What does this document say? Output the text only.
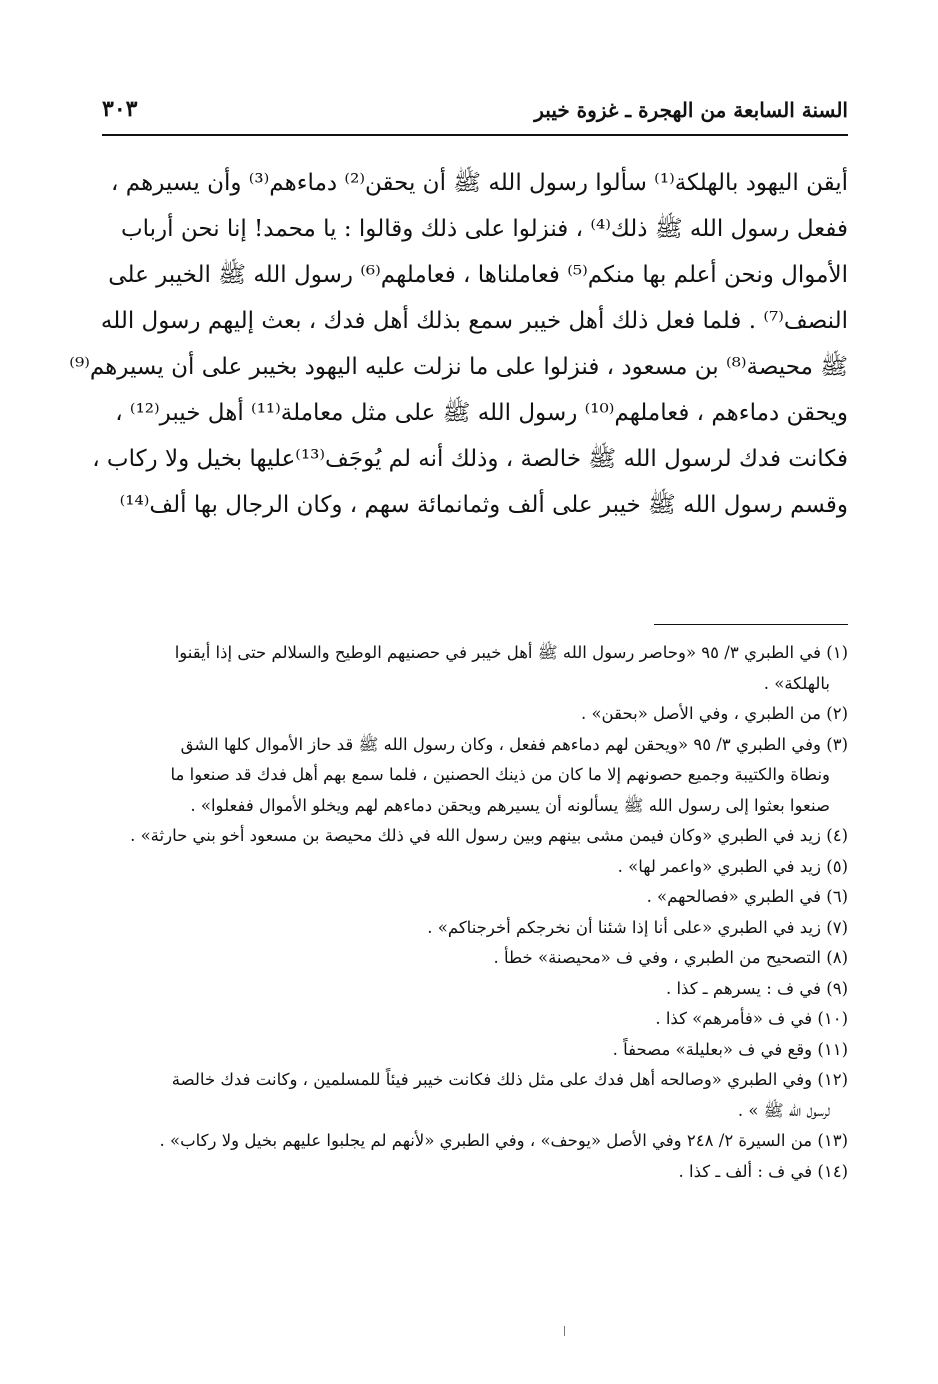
السنة السابعة من الهجرة ـ غزوة خيبر
٣٠٣
أيقن اليهود بالهلكة⁽¹⁾ سألوا رسول الله ﷺ أن يحقن⁽²⁾ دماءهم⁽³⁾ وأن يسيرهم ،
ففعل رسول الله ﷺ ذلك⁽⁴⁾ ، فنزلوا على ذلك وقالوا : يا محمد! إنا نحن أرباب
الأموال ونحن أعلم بها منكم⁽⁵⁾ فعاملناها ، فعاملهم⁽⁶⁾ رسول الله ﷺ الخيبر على
النصف⁽⁷⁾ . فلما فعل ذلك أهل خيبر سمع بذلك أهل فدك ، بعث إليهم رسول الله
ﷺ محيصة⁽⁸⁾ بن مسعود ، فنزلوا على ما نزلت عليه اليهود بخيبر على أن يسيرهم⁽⁹⁾
ويحقن دماءهم ، فعاملهم⁽¹⁰⁾ رسول الله ﷺ على مثل معاملة⁽¹¹⁾ أهل خيبر⁽¹²⁾ ،
فكانت فدك لرسول الله ﷺ خالصة ، وذلك أنه لم يُوجَف⁽¹³⁾عليها بخيل ولا ركاب ،
وقسم رسول الله ﷺ خيبر على ألف وثمانمائة سهم ، وكان الرجال بها ألف⁽¹⁴⁾
(١) في الطبري ٣/ ٩٥ «وحاصر رسول الله ﷺ أهل خيبر في حصنيهم الوطيح والسلالم حتى إذا أيقنوا
بالهلكة» .
(٢) من الطبري ، وفي الأصل «بحقن» .
(٣) وفي الطبري ٣/ ٩٥ «ويحقن لهم دماءهم ففعل ، وكان رسول الله ﷺ قد حاز الأموال كلها الشق
ونطاة والكتيبة وجميع حصونهم إلا ما كان من ذينك الحصنين ، فلما سمع بهم أهل فدك قد صنعوا ما
صنعوا بعثوا إلى رسول الله ﷺ يسألونه أن يسيرهم ويحقن دماءهم لهم ويخلو الأموال ففعلوا» .
(٤) زيد في الطبري «وكان فيمن مشى بينهم وبين رسول الله في ذلك محيصة بن مسعود أخو بني حارثة» .
(٥) زيد في الطبري «واعمر لها» .
(٦) في الطبري «فصالحهم» .
(٧) زيد في الطبري «على أنا إذا شئنا أن نخرجكم أخرجناكم» .
(٨) التصحيح من الطبري ، وفي ف «محيصنة» خطأ .
(٩) في ف : يسرهم ـ كذا .
(١٠) في ف «فأمرهم» كذا .
(١١) وقع في ف «بعليلة» مصحفاً .
(١٢) وفي الطبري «وصالحه أهل فدك على مثل ذلك فكانت خيبر فيئاً للمسلمين ، وكانت فدك خالصة
لرسول الله ﷺ » .
(١٣) من السيرة ٢/ ٢٤٨ وفي الأصل «يوحف» ، وفي الطبري «لأنهم لم يجلبوا عليهم بخيل ولا ركاب» .
(١٤) في ف : ألف ـ كذا .
